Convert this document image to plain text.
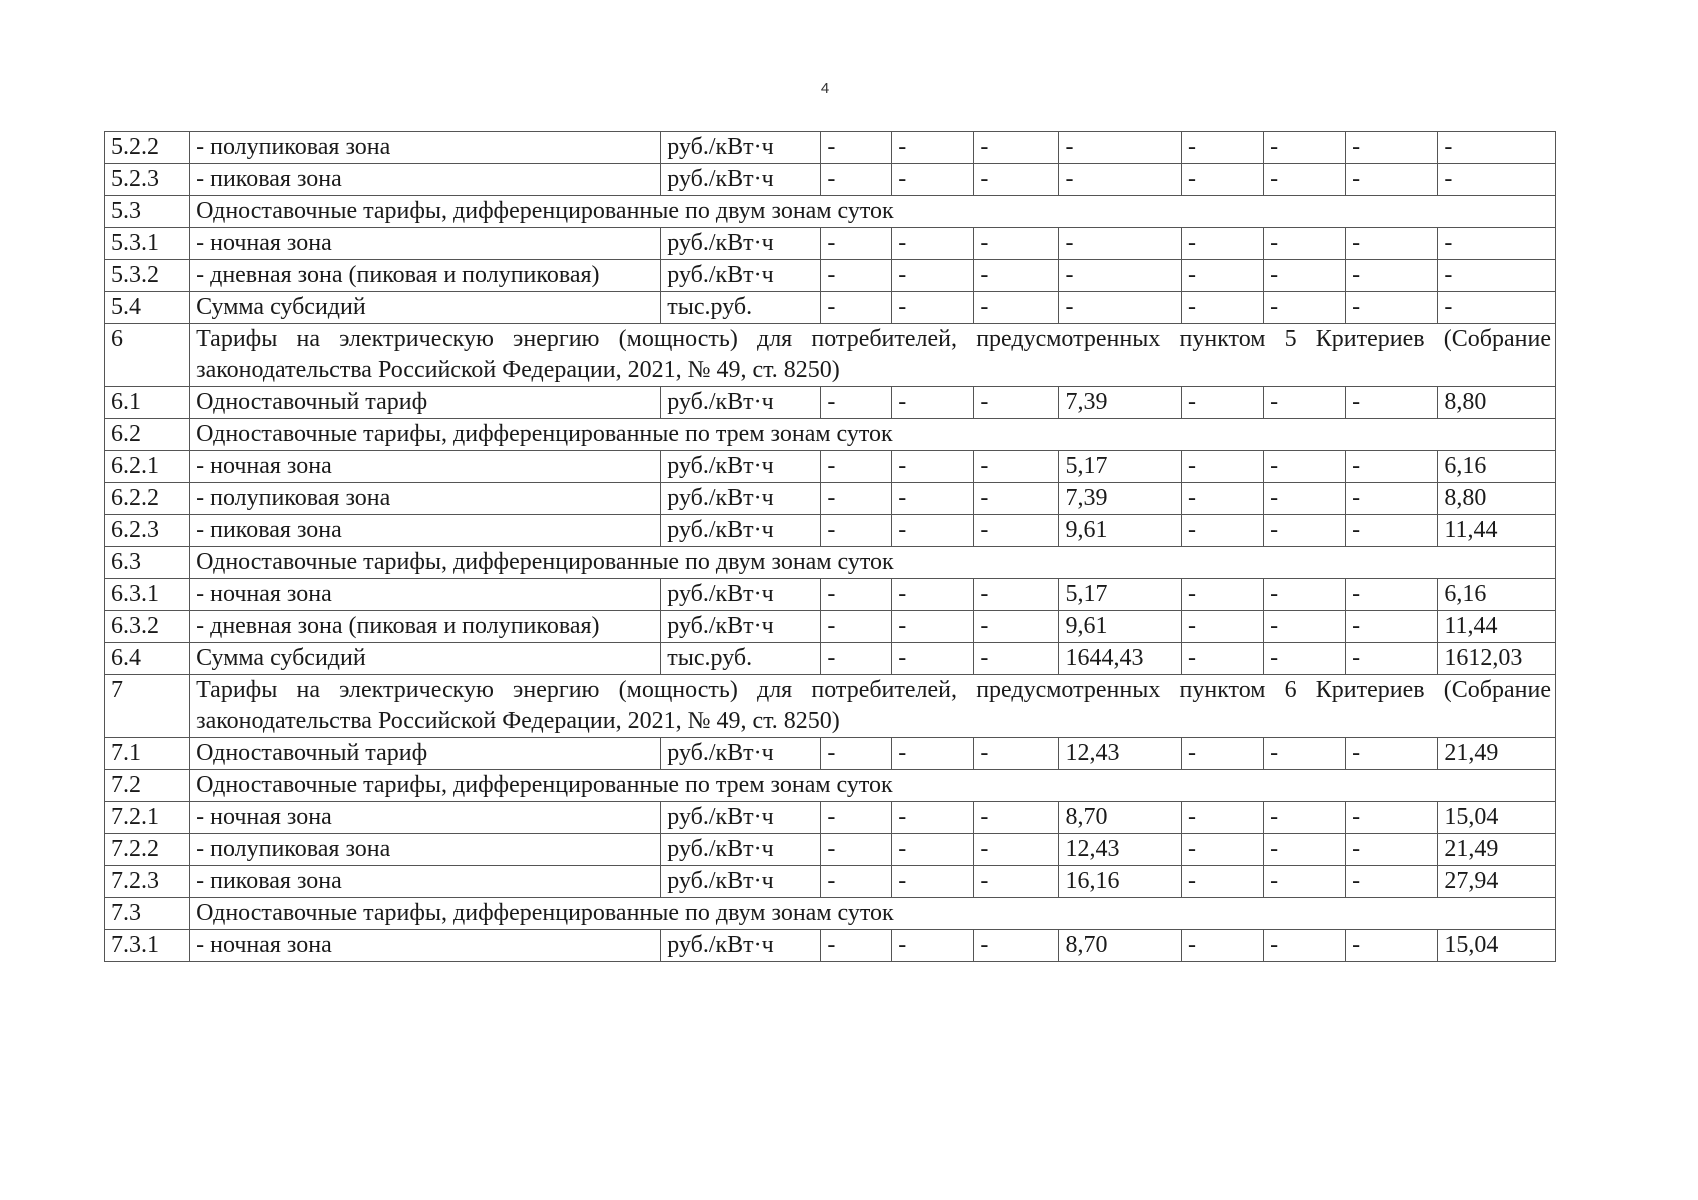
4
5.2.2	- полупиковая зона	руб./кВт·ч	-	-	-	-	-	-	-	-
5.2.3	- пиковая зона	руб./кВт·ч	-	-	-	-	-	-	-	-
5.3	Одноставочные тарифы, дифференцированные по двум зонам суток									
5.3.1	- ночная зона	руб./кВт·ч	-	-	-	-	-	-	-	-
5.3.2	- дневная зона (пиковая и полупиковая)	руб./кВт·ч	-	-	-	-	-	-	-	-
5.4	Сумма субсидий	тыс.руб.	-	-	-	-	-	-	-	-
6	Тарифы на электрическую энергию (мощность) для потребителей, предусмотренных пунктом 5 Критериев (Собрание законодательства Российской Федерации, 2021, № 49, ст. 8250)									
6.1	Одноставочный тариф	руб./кВт·ч	-	-	-	7,39	-	-	-	8,80
6.2	Одноставочные тарифы, дифференцированные по трем зонам суток									
6.2.1	- ночная зона	руб./кВт·ч	-	-	-	5,17	-	-	-	6,16
6.2.2	- полупиковая зона	руб./кВт·ч	-	-	-	7,39	-	-	-	8,80
6.2.3	- пиковая зона	руб./кВт·ч	-	-	-	9,61	-	-	-	11,44
6.3	Одноставочные тарифы, дифференцированные по двум зонам суток									
6.3.1	- ночная зона	руб./кВт·ч	-	-	-	5,17	-	-	-	6,16
6.3.2	- дневная зона (пиковая и полупиковая)	руб./кВт·ч	-	-	-	9,61	-	-	-	11,44
6.4	Сумма субсидий	тыс.руб.	-	-	-	1644,43	-	-	-	1612,03
7	Тарифы на электрическую энергию (мощность) для потребителей, предусмотренных пунктом 6 Критериев (Собрание законодательства Российской Федерации, 2021, № 49, ст. 8250)									
7.1	Одноставочный тариф	руб./кВт·ч	-	-	-	12,43	-	-	-	21,49
7.2	Одноставочные тарифы, дифференцированные по трем зонам суток									
7.2.1	- ночная зона	руб./кВт·ч	-	-	-	8,70	-	-	-	15,04
7.2.2	- полупиковая зона	руб./кВт·ч	-	-	-	12,43	-	-	-	21,49
7.2.3	- пиковая зона	руб./кВт·ч	-	-	-	16,16	-	-	-	27,94
7.3	Одноставочные тарифы, дифференцированные по двум зонам суток									
7.3.1	- ночная зона	руб./кВт·ч	-	-	-	8,70	-	-	-	15,04
